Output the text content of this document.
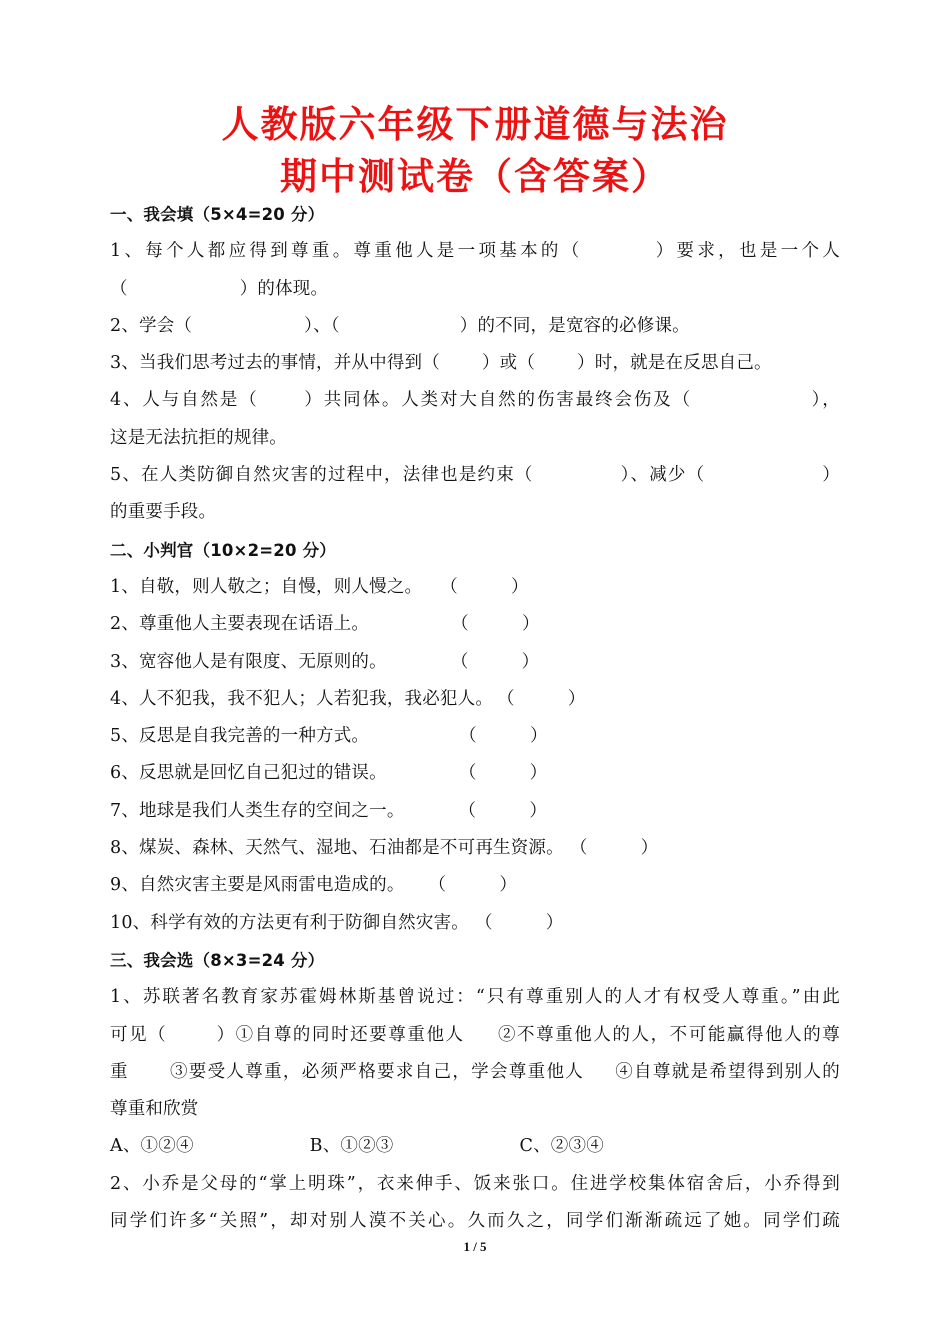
人教版六年级下册道德与法治
期中测试卷（含答案）
一、我会填（5×4=20 分）
1、每个人都应得到尊重。尊重他人是一项基本的（	）要求，也是一个人
（	）的体现。
2、学会（	）、（	）的不同，是宽容的必修课。
3、当我们思考过去的事情，并从中得到（ ）或（ ）时，就是在反思自己。
4、人与自然是（	）共同体。人类对大自然的伤害最终会伤及（	），
这是无法抗拒的规律。
5、在人类防御自然灾害的过程中，法律也是约束（	）、减少（	）
的重要手段。
二、小判官（10×2=20 分）
1、自敬，则人敬之；自慢，则人慢之。 （　　　）
2、尊重他人主要表现在话语上。	（　　　）
3、宽容他人是有限度、无原则的。	（　　　）
4、人不犯我，我不犯人；人若犯我，我必犯人。 （　　　）
5、反思是自我完善的一种方式。	（　　　）
6、反思就是回忆自己犯过的错误。	（　　　）
7、地球是我们人类生存的空间之一。	（　　　）
8、煤炭、森林、天然气、湿地、石油都是不可再生资源。 （　　　）
9、自然灾害主要是风雨雷电造成的。 （　　　）
10、科学有效的方法更有利于防御自然灾害。 （　　　）
三、我会选（8×3=24 分）
1、苏联著名教育家苏霍姆林斯基曾说过：“只有尊重别人的人才有权受人尊重。”由此
可见（	）①自尊的同时还要尊重他人 ②不尊重他人的人，不可能赢得他人的尊
重 ③要受人尊重，必须严格要求自己，学会尊重他人 ④自尊就是希望得到别人的
尊重和欣赏
A、①②④	B、①②③	C、②③④
2、小乔是父母的“掌上明珠”，衣来伸手、饭来张口。住进学校集体宿舍后，小乔得到
同学们许多“关照”，却对别人漠不关心。久而久之，同学们渐渐疏远了她。同学们疏
1 / 5
